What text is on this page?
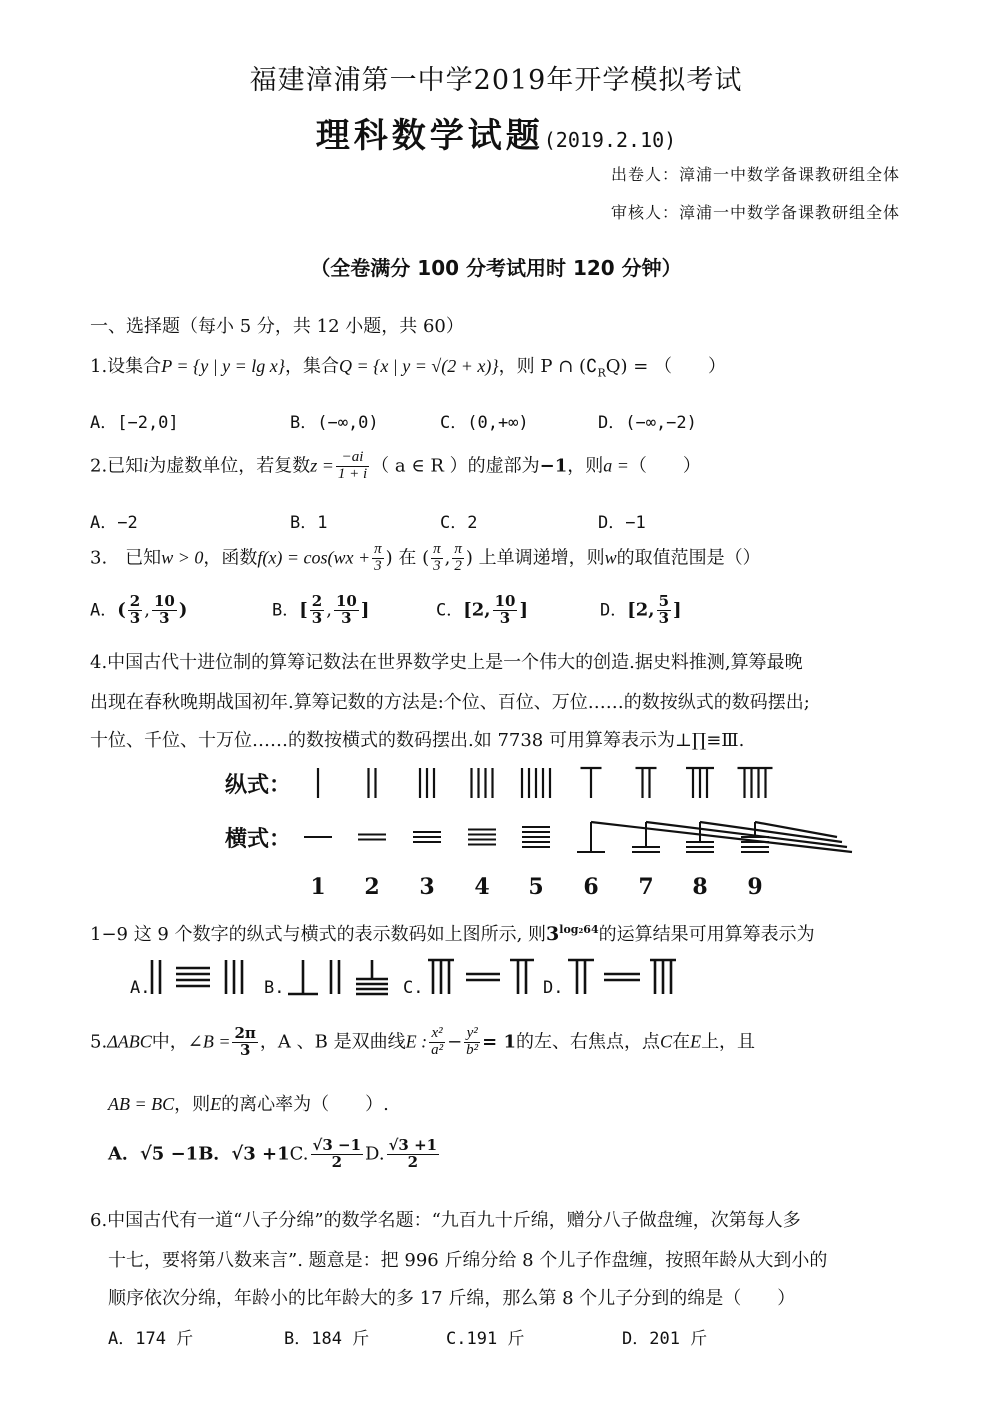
福建漳浦第一中学2019年开学模拟考试
理科数学试题(2019.2.10)
出卷人：漳浦一中数学备课教研组全体
审核人：漳浦一中数学备课教研组全体
（全卷满分 100 分考试用时 120 分钟）
一、选择题（每小 5 分，共 12 小题，共 60）
1.设集合P = {y | y = lg x}，集合Q = {x | y = √(2 + x)}，则 P ∩ $(∁_RQ)$ = （　　）
A．[−2,0]	B．(−∞,0)	C．(0,+∞)	D．(−∞,−2)
2.已知i为虚数单位，若复数$z = \frac{-ai}{1 + i}$ （ a ∈ R ）的虚部为−1，则a =（　　）
A．−2	B．1	C．2	D．−1
3.　已知w > 0，函数$f(x) = \cos(wx + \frac{\pi}{3}$ ) 在 ( $\frac{\pi}{3}$ , $\frac{\pi}{2}$ ) 上单调递增，则w的取值范围是（）
A．( $\frac{2}{3}$ , $\frac{10}{3}$ )	B．[ $\frac{2}{3}$ , $\frac{10}{3}$ ]	C．[2, $\frac{10}{3}$ ]	D．[2, $\frac{5}{3}$ ]
4.中国古代十进位制的算筹记数法在世界数学史上是一个伟大的创造.据史料推测,算筹最晚
出现在春秋晚期战国初年.算筹记数的方法是:个位、百位、万位……的数按纵式的数码摆出;
十位、千位、十万位……的数按横式的数码摆出.如 7738 可用算筹表示为⊥∏≡Ⅲ.
纵式：
横式：
1	2	3	4	5	6	7	8	9
1−9 这 9 个数字的纵式与横式的表示数码如上图所示, 则$3^{log_264}$的运算结果可用算筹表示为
A.	B.	C.	D.
5.ΔABC中，∠B = $\frac{2\pi}{3}$ ，A 、B 是双曲线E : $\frac{\text{x²}}{\text{a²}} - \frac{\text{y²}}{\text{b²}} = 1$的左、右焦点，点C在E上，且
AB = BC，则E的离心率为（　　）.
A．√5 −1B．√3 +1C. $\frac{√3 -1}{2} D$. $\frac{√3 +1}{2}$
6.中国古代有一道“八子分绵”的数学名题：“九百九十斤绵，赠分八子做盘缠，次第每人多
十七，要将第八数来言”. 题意是：把 996 斤绵分给 8 个儿子作盘缠，按照年龄从大到小的
顺序依次分绵，年龄小的比年龄大的多 17 斤绵，那么第 8 个儿子分到的绵是（　　）
A．174 斤	B．184 斤	C.191 斤	D．201 斤
